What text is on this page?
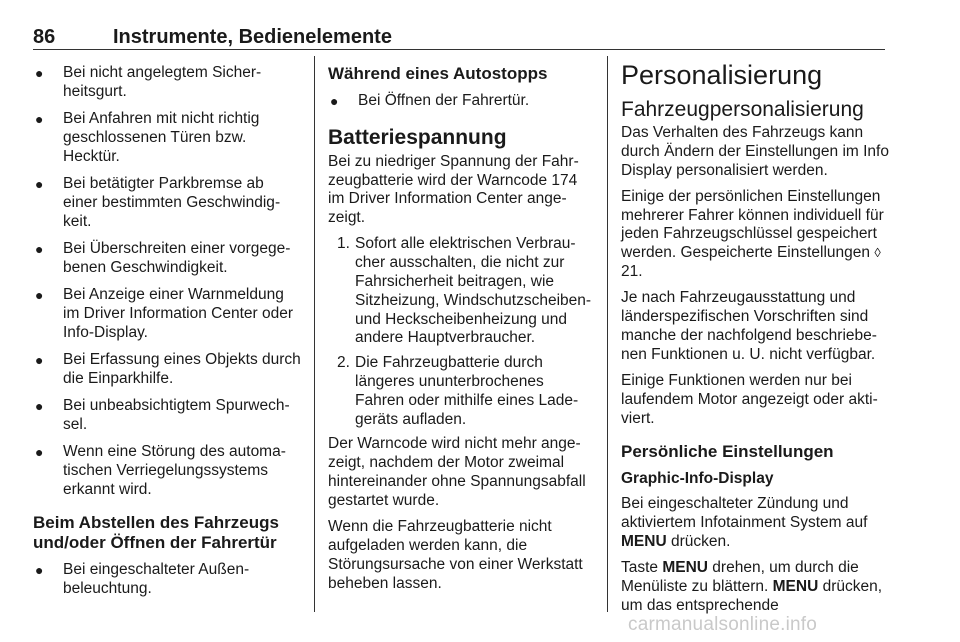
86	Instrumente, Bedienelemente
● Bei nicht angelegtem Sicherheitsgurt.
● Bei Anfahren mit nicht richtig geschlossenen Türen bzw. Hecktür.
● Bei betätigter Parkbremse ab einer bestimmten Geschwindigkeit.
● Bei Überschreiten einer vorgegebenen Geschwindigkeit.
● Bei Anzeige einer Warnmeldung im Driver Information Center oder Info-Display.
● Bei Erfassung eines Objekts durch die Einparkhilfe.
● Bei unbeabsichtigtem Spurwechsel.
● Wenn eine Störung des automatischen Verriegelungssystems erkannt wird.
Beim Abstellen des Fahrzeugs und/oder Öffnen der Fahrertür
● Bei eingeschalteter Außenbeleuchtung.
Während eines Autostopps
● Bei Öffnen der Fahrertür.
Batteriespannung

Bei zu niedriger Spannung der Fahrzeugbatterie wird der Warncode 174 im Driver Information Center angezeigt.

1. Sofort alle elektrischen Verbraucher ausschalten, die nicht zur Fahrsicherheit beitragen, wie Sitzheizung, Windschutzscheiben- und Heckscheibenheizung und andere Hauptverbraucher.
2. Die Fahrzeugbatterie durch längeres ununterbrochenes Fahren oder mithilfe eines Ladegeräts aufladen.

Der Warncode wird nicht mehr angezeigt, nachdem der Motor zweimal hintereinander ohne Spannungsabfall gestartet wurde.

Wenn die Fahrzeugbatterie nicht aufgeladen werden kann, die Störungsursache von einer Werkstatt beheben lassen.

Personalisierung
Fahrzeugpersonalisierung

Das Verhalten des Fahrzeugs kann durch Ändern der Einstellungen im Info Display personalisiert werden.

Einige der persönlichen Einstellungen mehrerer Fahrer können individuell für jeden Fahrzeugschlüssel gespeichert werden. Gespeicherte Einstellungen ◊ 21.

Je nach Fahrzeugausstattung und länderspezifischen Vorschriften sind manche der nachfolgend beschriebenen Funktionen u. U. nicht verfügbar.

Einige Funktionen werden nur bei laufendem Motor angezeigt oder aktiviert.

Persönliche Einstellungen
Graphic-Info-Display

Bei eingeschalteter Zündung und aktiviertem Infotainment System auf MENU drücken.

Taste MENU drehen, um durch die Menüliste zu blättern. MENU drücken, um das entsprechende

carmanualsonline.info
